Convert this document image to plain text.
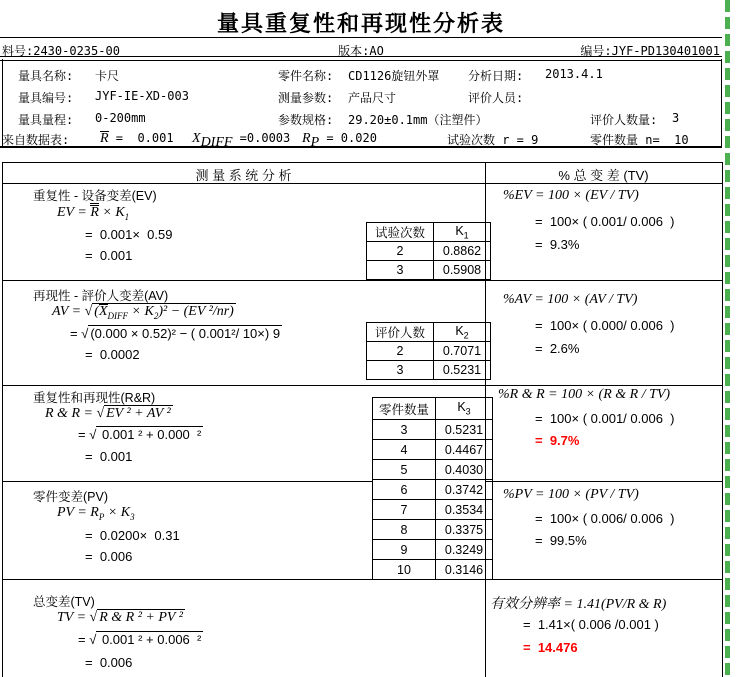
量具重复性和再现性分析表
料号:2430-0235-00	版本:AO	编号:JYF-PD130401001
量具名称: 卡尺	零件名称: CD1126旋钮外罩 分析日期: 2013.4.1
量具编号: JYF-IE-XD-003	测量参数: 产品尺寸	评价人员:
量具量程: 0-200mm	参数规格: 29.20±0.1mm（注塑件）	评价人数量: 3
来自数据表: R =  0.001 $X_{DIFF} =0.0003$ $R_P = 0.020$	试验次数 r = 9	零件数量 n=  10
测 量 系 统 分 析	% 总 变 差 (TV)
重复性 - 设备变差(EV)
EV = $R \times K_1$
=  0.001×  0.59
=  0.001
%EV = 100 × (EV / TV)
=  100× ( 0.001/ 0.006  )
=  9.3%
试验次数	$K_1$
2	0.8862
3	0.5908
再现性 - 評价人变差(AV)
AV = √ $(X_{DIFF} \times K_2)^2 - (EV$ ²/nr)
= √ (0.000 × 0.52)² − ( 0.001²/ 10×) 9
=  0.0002
%AV = 100 × (AV / TV)
=  100× ( 0.000/ 0.006  )
=  2.6%
评价人数	$K_2$
2	0.7071
3	0.5231
重复性和再现性(R&R)
R & R = √ EV ² + AV ²
= √ 0.001 ² + 0.000  ²
=  0.001
%R & R = 100 × (R & R / TV)
=  100× ( 0.001/ 0.006  )
=  9.7%
零件数量	$K_3$
3	0.5231
4	0.4467
5	0.4030
6	0.3742
7	0.3534
8	0.3375
9	0.3249
10	0.3146
零件变差(PV)
PV = $R_P \times K_3$
=  0.0200×  0.31
=  0.006
%PV = 100 × (PV / TV)
=  100× ( 0.006/ 0.006  )
=  99.5%
总变差(TV)
TV = √ R & R ² + PV ²
= √ 0.001 ² + 0.006  ²
=  0.006
有效分辨率 = 1.41(PV/R & R)
=  1.41×( 0.006 /0.001 )
=  14.476
